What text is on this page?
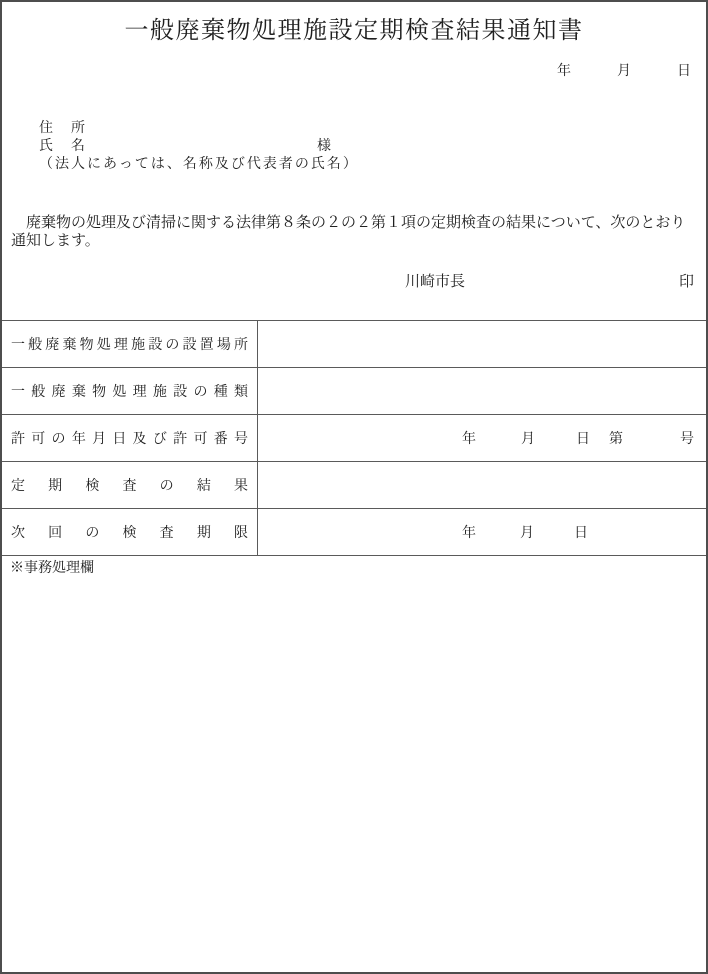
一般廃棄物処理施設定期検査結果通知書
年	月	日
住　所
氏　名	様
（法人にあっては、名称及び代表者の氏名）

　廃棄物の処理及び清掃に関する法律第８条の２の２第１項の定期検査の結果について、次のとおり通知します。

川崎市長	印
一般廃棄物処理施設の設置場所
一般廃棄物処理施設の種類
許可の年月日及び許可番号	年	月	日 第	号
定期検査の結果
次回の検査期限	年	月	日
※事務処理欄
